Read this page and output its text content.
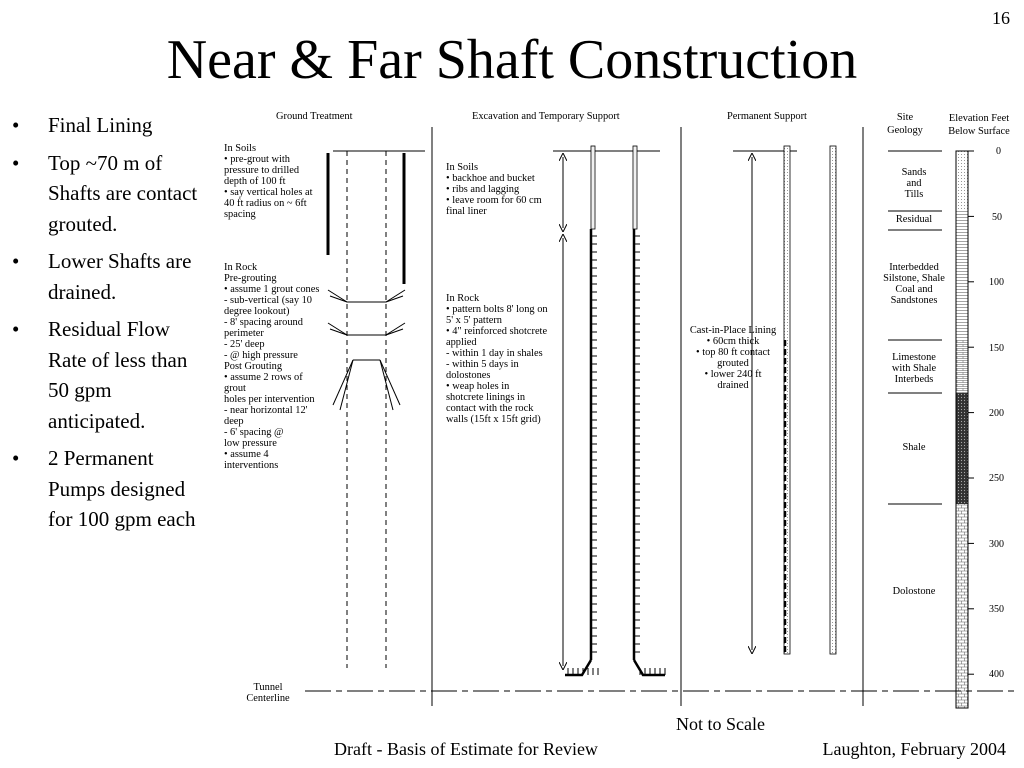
16
Near & Far Shaft Construction
• Final Lining
• Top ~70 m of Shafts are contact grouted.
• Lower Shafts are drained.
• Residual Flow Rate of less than 50 gpm anticipated.
• 2 Permanent Pumps designed for 100 gpm each
Ground Treatment	Excavation and Temporary Support	Permanent Support	Site
Geology
Elevation Feet
Below Surface
In Soils
• pre-grout with
pressure to drilled
depth of 100 ft
• say vertical holes at
40 ft radius on ~ 6ft
spacing
In Rock
Pre-grouting
• assume 1 grout cones
- sub-vertical (say 10
degree lookout)
- 8' spacing around
perimeter
- 25' deep
- @ high pressure
Post Grouting
• assume 2 rows of
grout
holes per intervention
- near horizontal 12'
deep
- 6' spacing @
low pressure
• assume 4
interventions
In Soils
• backhoe and bucket
• ribs and lagging
• leave room for 60 cm
final liner
In Rock
• pattern bolts 8' long on
5' x 5' pattern
• 4" reinforced shotcrete
applied
- within 1 day in shales
- within 5 days in
dolostones
• weap holes in
shotcrete linings in
contact with the rock
walls (15ft x 15ft grid)
Cast-in-Place Lining
• 60cm thick
• top 80 ft contact
grouted
• lower 240 ft
drained
Sands
and
Tills
Residual
Interbedded
Silstone, Shale
Coal and
Sandstones
Limestone
with Shale
Interbeds
Shale
Dolostone
0
50
100
150
200
250
300
350
400
Tunnel
Centerline
Not to Scale
Draft - Basis of Estimate for Review	Laughton, February 2004
